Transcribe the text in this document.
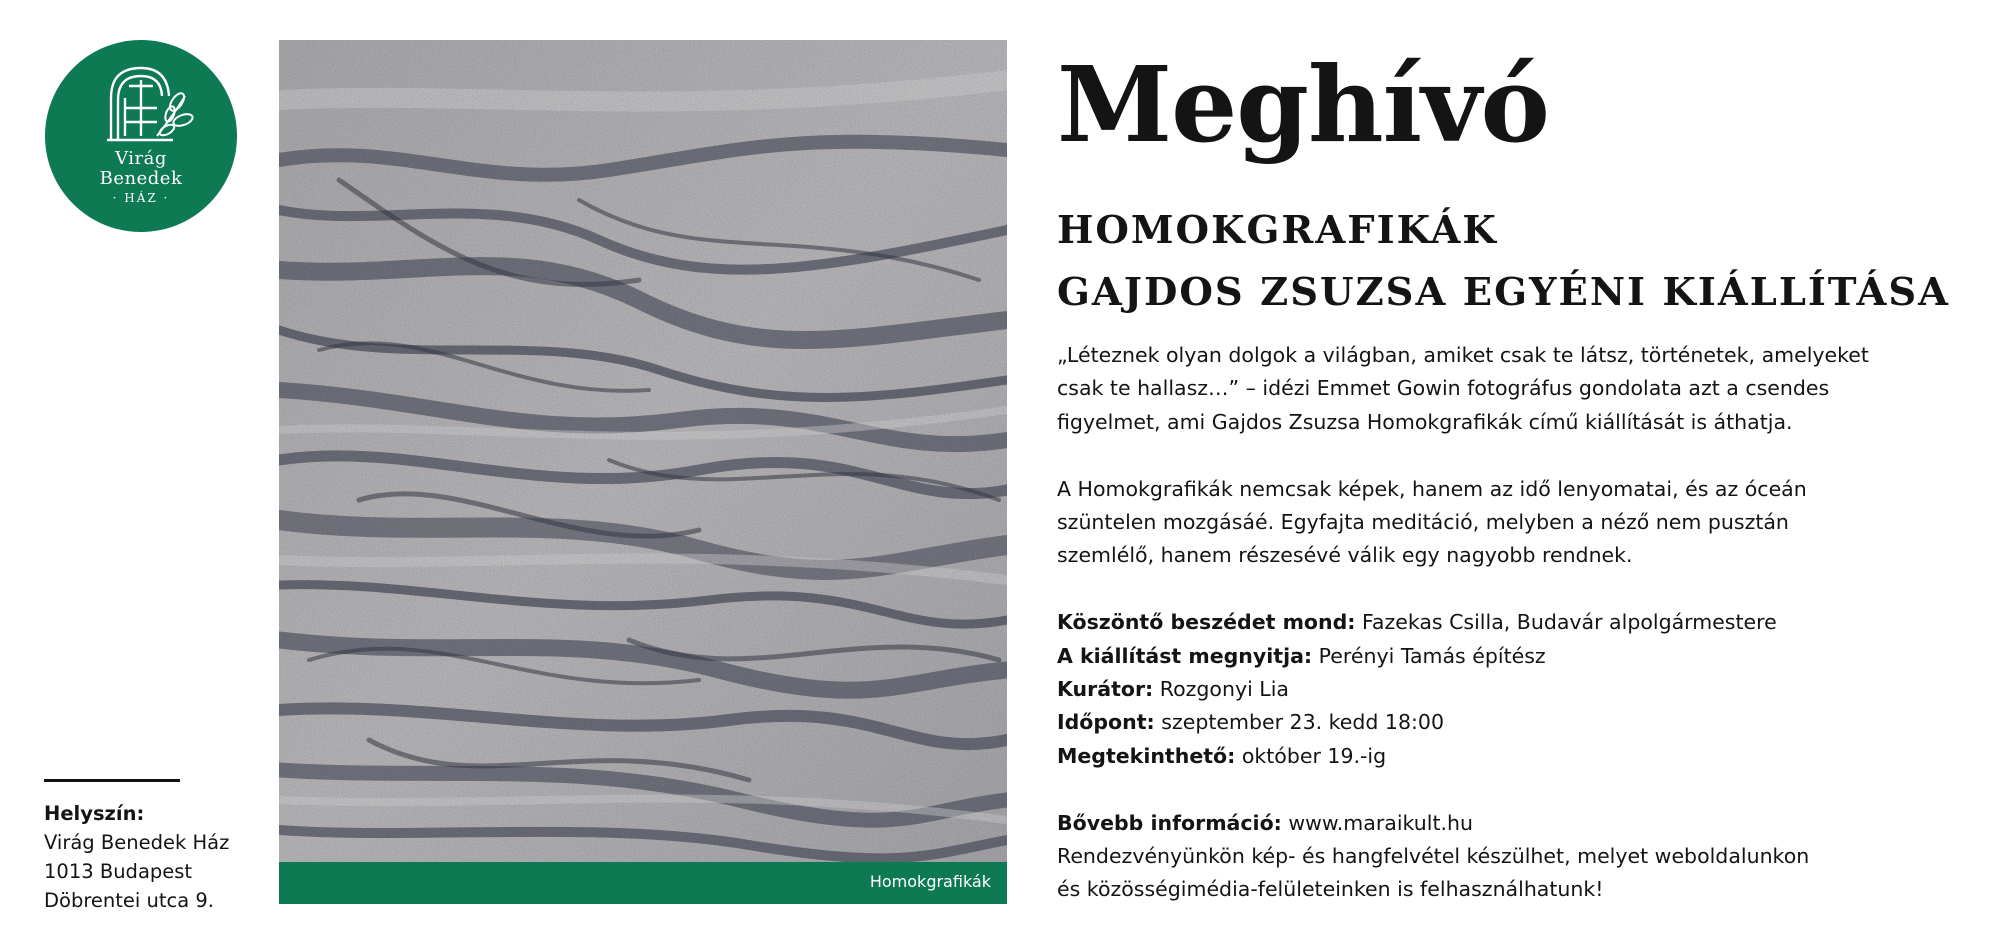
Virág
Benedek
· HÁZ ·
Helyszín:
Virág Benedek Ház
1013 Budapest
Döbrentei utca 9.
Homokgrafikák
Meghívó
HOMOKGRAFIKÁK
GAJDOS ZSUZSA EGYÉNI KIÁLLÍTÁSA

„Léteznek olyan dolgok a világban, amiket csak te látsz, történetek, amelyeket

csak te hallasz…” – idézi Emmet Gowin fotográfus gondolata azt a csendes

figyelmet, ami Gajdos Zsuzsa Homokgrafikák című kiállítását is áthatja.

A Homokgrafikák nemcsak képek, hanem az idő lenyomatai, és az óceán

szüntelen mozgásáé. Egyfajta meditáció, melyben a néző nem pusztán

szemlélő, hanem részesévé válik egy nagyobb rendnek.

Köszöntő beszédet mond: Fazekas Csilla, Budavár alpolgármestere

A kiállítást megnyitja: Perényi Tamás építész

Kurátor: Rozgonyi Lia

Időpont: szeptember 23. kedd 18:00

Megtekinthető: október 19.-ig

Bővebb információ: www.maraikult.hu

Rendezvényünkön kép- és hangfelvétel készülhet, melyet weboldalunkon

és közösségimédia-felületeinken is felhasználhatunk!
